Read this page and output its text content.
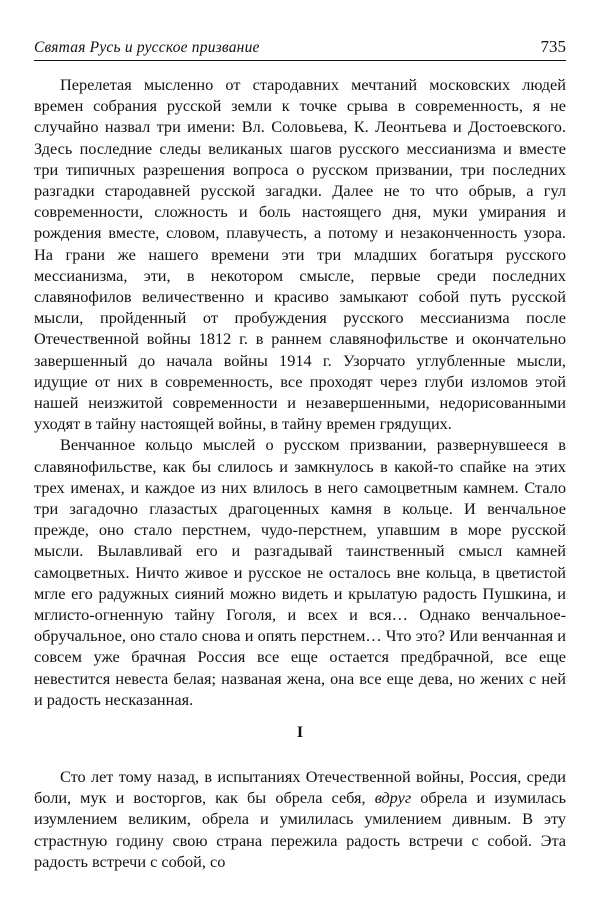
Святая Русь и русское призвание	735

Перелетая мысленно от стародавних мечтаний московских людей времен собрания русской земли к точке срыва в современность, я не случайно назвал три имени: Вл. Соловьева, К. Леонтьева и Достоевского. Здесь последние следы великаных шагов русского мессианизма и вместе три типичных разрешения вопроса о русском призвании, три последних разгадки стародавней русской загадки. Далее не то что обрыв, а гул современности, сложность и боль настоящего дня, муки умирания и рождения вместе, словом, плавучесть, а потому и незаконченность узора. На грани же нашего времени эти три младших богатыря русского мессианизма, эти, в некотором смысле, первые среди последних славянофилов величественно и красиво замыкают собой путь русской мысли, пройденный от пробуждения русского мессианизма после Отечественной войны 1812 г. в раннем славянофильстве и окончательно завершенный до начала войны 1914 г. Узорчато углубленные мысли, идущие от них в современность, все проходят через глуби изломов этой нашей неизжитой современности и незавершенными, недорисованными уходят в тайну настоящей войны, в тайну времен грядущих.

Венчанное кольцо мыслей о русском призвании, развернувшееся в славянофильстве, как бы слилось и замкнулось в какой-то спайке на этих трех именах, и каждое из них влилось в него самоцветным камнем. Стало три загадочно глазастых драгоценных камня в кольце. И венчальное прежде, оно стало перстнем, чудо-перстнем, упавшим в море русской мысли. Вылавливай его и разгадывай таинственный смысл камней самоцветных. Ничто живое и русское не осталось вне кольца, в цветистой мгле его радужных сияний можно видеть и крылатую радость Пушкина, и мглисто-огненную тайну Гоголя, и всех и вся… Однако венчальное-обручальное, оно стало снова и опять перстнем… Что это? Или венчанная и совсем уже брачная Россия все еще остается предбрачной, все еще невестится невеста белая; названая жена, она все еще дева, но жених с ней и радость несказанная.

I

Сто лет тому назад, в испытаниях Отечественной войны, Россия, среди боли, мук и восторгов, как бы обрела себя, вдруг обрела и изумилась изумлением великим, обрела и умилилась умилением дивным. В эту страстную годину свою страна пережила радость встречи с собой. Эта радость встречи с собой, со
